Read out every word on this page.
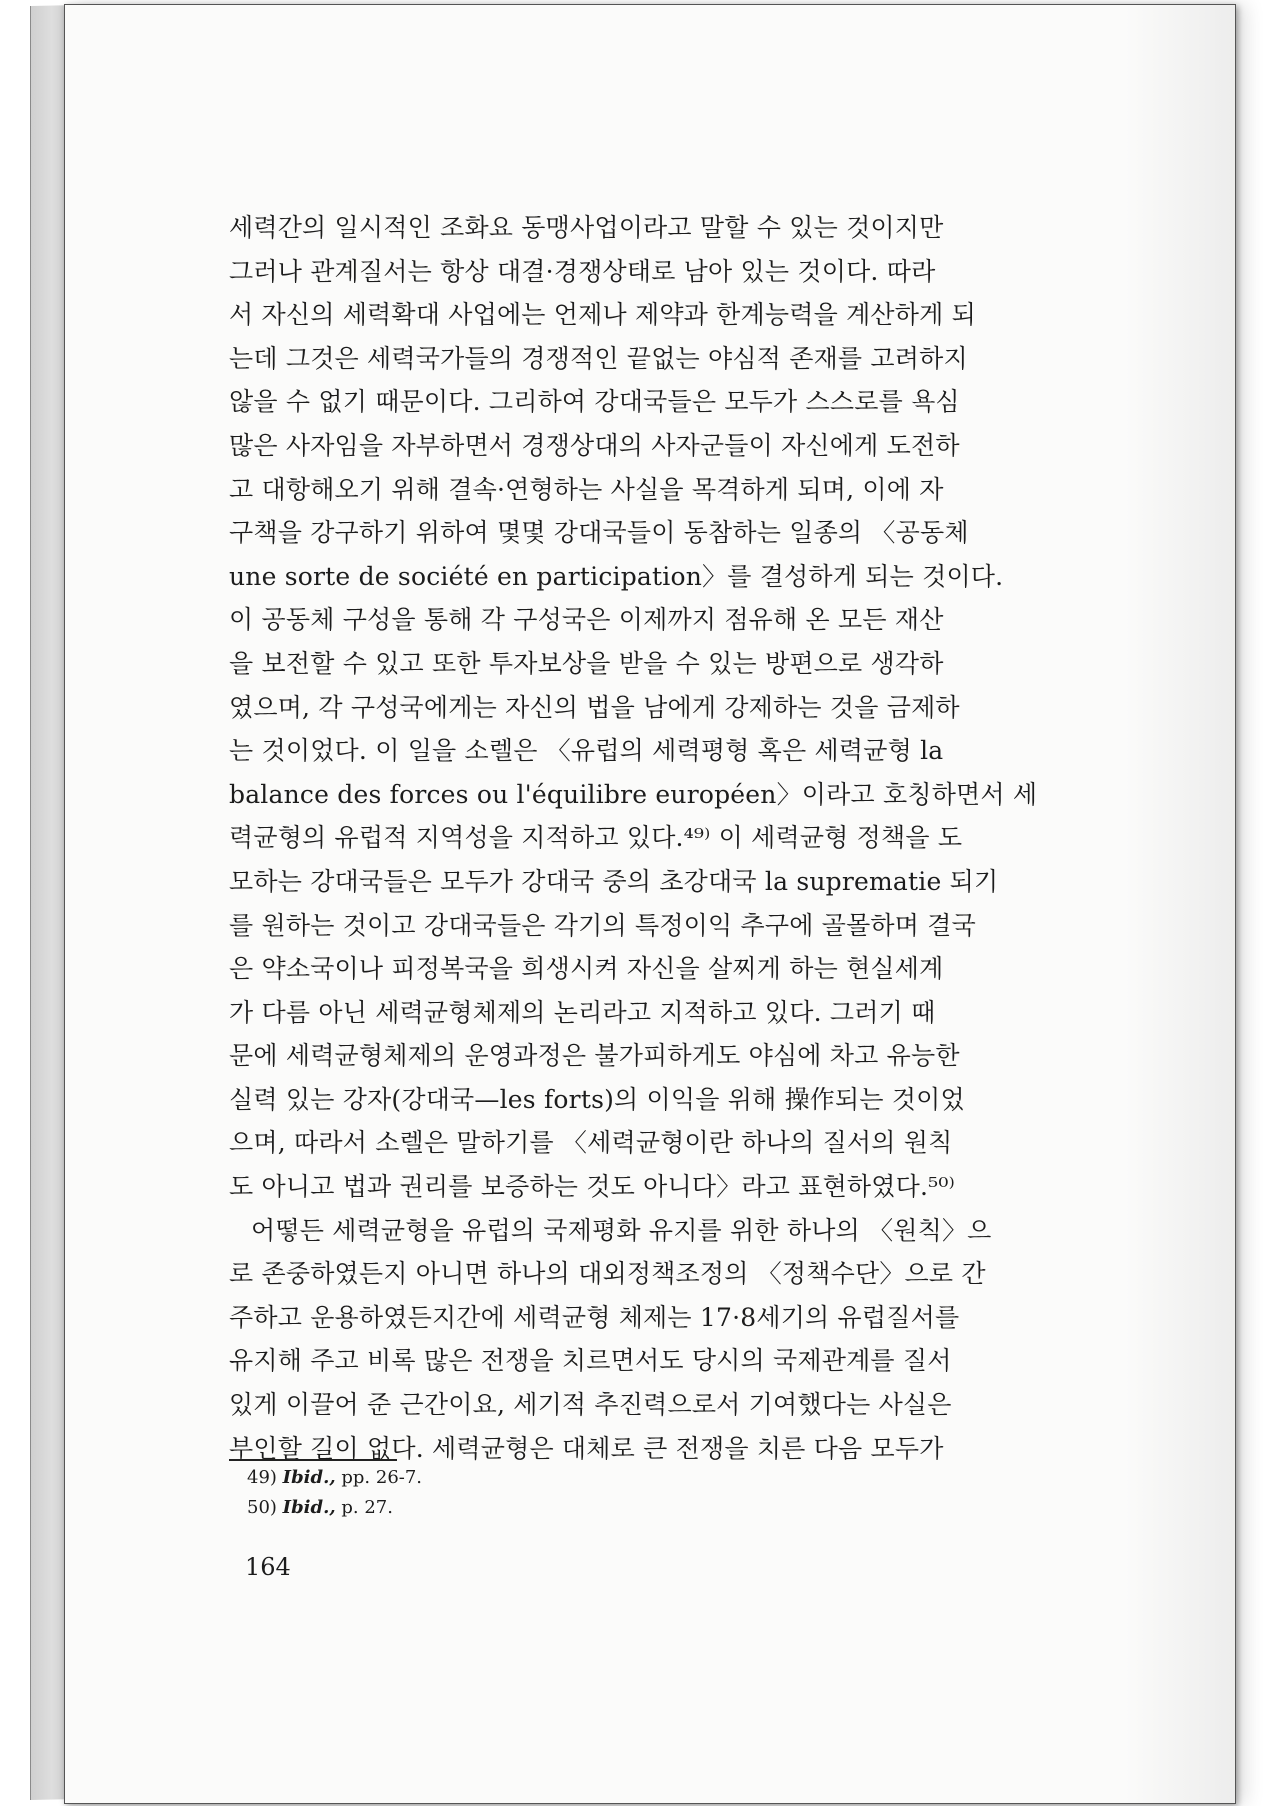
세력간의 일시적인 조화요 동맹사업이라고 말할 수 있는 것이지만
그러나 관계질서는 항상 대결·경쟁상태로 남아 있는 것이다. 따라
서 자신의 세력확대 사업에는 언제나 제약과 한계능력을 계산하게 되
는데 그것은 세력국가들의 경쟁적인 끝없는 야심적 존재를 고려하지
않을 수 없기 때문이다. 그리하여 강대국들은 모두가 스스로를 욕심
많은 사자임을 자부하면서 경쟁상대의 사자군들이 자신에게 도전하
고 대항해오기 위해 결속·연형하는 사실을 목격하게 되며, 이에 자
구책을 강구하기 위하여 몇몇 강대국들이 동참하는 일종의 〈공동체
une sorte de société en participation〉를 결성하게 되는 것이다.
이 공동체 구성을 통해 각 구성국은 이제까지 점유해 온 모든 재산
을 보전할 수 있고 또한 투자보상을 받을 수 있는 방편으로 생각하
였으며, 각 구성국에게는 자신의 법을 남에게 강제하는 것을 금제하
는 것이었다. 이 일을 소렐은 〈유럽의 세력평형 혹은 세력균형 la
balance des forces ou l'équilibre européen〉이라고 호칭하면서 세
력균형의 유럽적 지역성을 지적하고 있다.⁴⁹⁾ 이 세력균형 정책을 도
모하는 강대국들은 모두가 강대국 중의 초강대국 la suprematie 되기
를 원하는 것이고 강대국들은 각기의 특정이익 추구에 골몰하며 결국
은 약소국이나 피정복국을 희생시켜 자신을 살찌게 하는 현실세계
가 다름 아닌 세력균형체제의 논리라고 지적하고 있다. 그러기 때
문에 세력균형체제의 운영과정은 불가피하게도 야심에 차고 유능한
실력 있는 강자(강대국—les forts)의 이익을 위해 操作되는 것이었
으며, 따라서 소렐은 말하기를 〈세력균형이란 하나의 질서의 원칙
도 아니고 법과 권리를 보증하는 것도 아니다〉라고 표현하였다.⁵⁰⁾
어떻든 세력균형을 유럽의 국제평화 유지를 위한 하나의 〈원칙〉으
로 존중하였든지 아니면 하나의 대외정책조정의 〈정책수단〉으로 간
주하고 운용하였든지간에 세력균형 체제는 17·8세기의 유럽질서를
유지해 주고 비록 많은 전쟁을 치르면서도 당시의 국제관계를 질서
있게 이끌어 준 근간이요, 세기적 추진력으로서 기여했다는 사실은
부인할 길이 없다. 세력균형은 대체로 큰 전쟁을 치른 다음 모두가
49) Ibid., pp. 26-7.
50) Ibid., p. 27.
164
